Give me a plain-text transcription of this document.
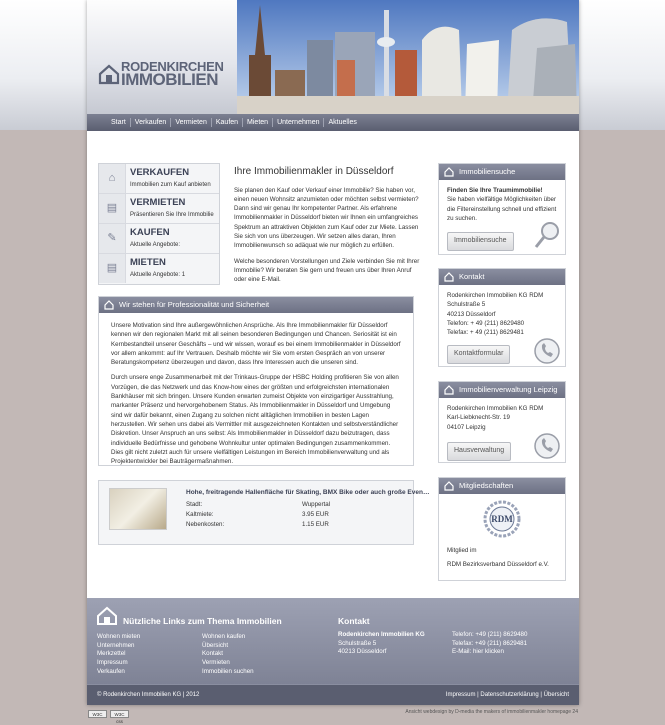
RODENKIRCHEN
IMMOBILIEN
Start	Verkaufen	Vermieten	Kaufen	Mieten	Unternehmen	Aktuelles
⌂	VERKAUFEN
Immobilien zum Kauf anbieten
▤	VERMIETEN
Präsentieren Sie Ihre Immobilie
✎	KAUFEN
Aktuelle Angebote:
▤	MIETEN
Aktuelle Angebote: 1
Ihre Immobilienmakler in Düsseldorf

Sie planen den Kauf oder Verkauf einer Immobilie? Sie haben vor, einen neuen Wohnsitz anzumieten oder möchten selbst vermieten? Dann sind wir genau Ihr kompetenter Partner. Als erfahrene Immobilienmakler in Düsseldorf bieten wir Ihnen ein umfangreiches Spektrum an attraktiven Objekten zum Kauf oder zur Miete. Lassen Sie sich von uns überzeugen. Wir setzen alles daran, Ihren Immobilienwunsch so adäquat wie nur möglich zu erfüllen.

Welche besonderen Vorstellungen und Ziele verbinden Sie mit Ihrer Immobilie? Wir beraten Sie gern und freuen uns über Ihren Anruf oder eine E-Mail.

Wir stehen für Professionalität und Sicherheit

Unsere Motivation sind Ihre außergewöhnlichen Ansprüche. Als Ihre Immobilienmakler für Düsseldorf kennen wir den regionalen Markt mit all seinen besonderen Bedingungen und Chancen. Seriosität ist ein Kernbestandteil unserer Geschäfts – und wir wissen, worauf es bei einem Immobilienmakler in Düsseldorf vor allem ankommt: auf Ihr Vertrauen. Deshalb möchte wir Sie vom ersten Gespräch an von unserer Beratungskompetenz überzeugen und davon, dass Ihre Interessen auch die unseren sind.

Durch unsere enge Zusammenarbeit mit der Trinkaus-Gruppe der HSBC Holding profitieren Sie von allen Vorzügen, die das Netzwerk und das Know-how eines der größten und erfolgreichsten internationalen Bankhäuser mit sich bringen. Unsere Kunden erwarten zumeist Objekte von einzigartiger Ausstrahlung, markanter Präsenz und hervorgehobenem Status. Als Immobilienmakler in Düsseldorf und Umgebung sind wir dafür bekannt, einen Zugang zu solchen nicht alltäglichen Immobilien in besten Lagen herzustellen. Wir sehen uns dabei als Vermittler mit ausgezeichneten Kontakten und selbstverständlicher Diskretion. Unser Anspruch an uns selbst: Als Immobilienmakler in Düsseldorf dazu beizutragen, dass individuelle Bedürfnisse und gehobene Wohnkultur unter optimalen Bedingungen zusammenkommen. Dies gilt nicht zuletzt auch für unsere vielfältigen Leistungen im Bereich Immobilienverwaltung und als Projektentwickler bei Bauträgermaßnahmen.

Hohe, freitragende Hallenfläche für Skating, BMX Bike oder auch große Even…
Stadt:	Wuppertal
Kaltmiete:	3.95 EUR
Nebenkosten:	1.15 EUR
Immobiliensuche
Finden Sie Ihre Traumimmobilie!
Sie haben vielfältige Möglichkeiten über die Filtereinstellung schnell und effizient zu suchen.
Immobiliensuche
Kontakt
Rodenkirchen Immobilien KG RDM
Schulstraße 5
40213 Düsseldorf
Telefon: + 49 (211) 8629480
Telefax: + 49 (211) 8629481
Kontaktformular
Immobilienverwaltung Leipzig
Rodenkirchen Immobilien KG RDM
Karl-Liebknecht-Str. 19
04107 Leipzig
Hausverwaltung
Mitgliedschaften
RDM
Mitglied im
RDM Bezirksverband Düsseldorf e.V.
Nützliche Links zum Thema Immobilien
Wohnen mieten
Unternehmen
Merkzettel
Impressum
Verkaufen
Wohnen kaufen
Übersicht
Kontakt
Vermieten
Immobilien suchen
Kontakt
Rodenkirchen Immobilien KG
Schulstraße 5
40213 Düsseldorf
Telefon: +49 (211) 8629480
Telefax: +49 (211) 8629481
E-Mail: hier klicken
© Rodenkirchen Immobilien KG | 2012	Impressum | Datenschutzerklärung | Übersicht
W3C	W3C css
Ansicht webdesign by D-media the makers of immobilienmakler homepage 24
